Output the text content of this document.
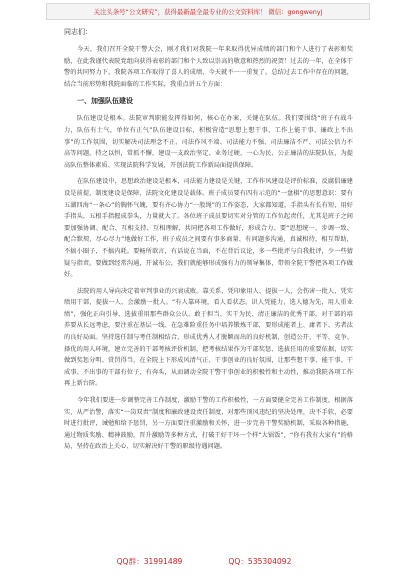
关注头条号“公文研究”，获得最新最全最专业的公文资料库！ 微信：gongwenyj

同志们：

今天，我们召开全院干警大会，刚才我们对我院一年来取得优异成绩的部门和个人进行了表彰和奖励，在此我谨代表院党组向获得表彰的部门和个人致以崇高的敬意和热烈的祝贺！过去的一年，在全体干警的共同努力下，我院各项工作取得了喜人的成绩，今天就不一一重复了。总结过去工作中存在的问题，结合当前形势和我院面临的工作实际，我重点讲五个方面：

一、加强队伍建设

队伍建设是根本。法院审判职能发挥得如何，核心在办案，关键在队伍。我们要围绕“班子有战斗力，队伍有士气，单位有正气”队伍建设目标，积极营造“思想上想干事、工作上能干事、廉政上不出事”的工作氛围，切实解决司法理念不正、司法作风不端、司法能力不强、司法廉洁不严、司法公信力不高等问题。持之以恒，常抓不懈，建设一支政治坚定、业务过硬、一心为民、公正廉洁的法院队伍，为提高队伍整体素质、实现法院科学发展，开创法院工作新局面提供保障。

在队伍建设中，思想政治建设是根本，司法能力建设是关键，工作作风建设是评价标准，反腐倡廉建设是前提，制度建设是保障，法院文化建设是载体。班子成员要有四有示范的“一盘棋”的思想意识：要有五湖四海“一条心”的胸怀气魄，要有齐心协力“一股绳”的工作姿态，大家都知道，手指头有长有短，用好手指头，五根手指握成拳头，力量就大了。各位班子成员要切实对分管的工作负起责任，尤其是班子之间要加强协调、配合、互相支持、互相理解，共同把各项工作做好，形成合力。要“思想统一、步调一致、配合默契、尽心尽力”地做好工作，班子成员之间要有事多商量、有问题多沟通，真诚相待，相互帮助，不搞小圈子，不搞内耗。要畅所欲言，有话说在当面，不在背后议论，多一些批评与自我批评，少一些猜疑与指责。要做到经常沟通，开诚布公，我们就能够形成强有力的领导集体，带领全院干警把各项工作做好。

法院的用人导向决定着审判事业的兴衰成败。靠关系、凭印象用人、提拔一人，会伤害一批人，凭实绩用干部，提拔一人，会激励一批人。“有人靠环境，看人看状态。识人凭能力，选人德为先，用人重业绩”，强化正向引导，选拔重用那些群众公认、敢于担当、实干为民、清正廉洁的优秀干部，对干部的培养要从长远考虑，要注重在基层一线、在急难险重任务中培养锻炼干部，要形成能者上、庸者下、劣者汰的良好局面。坚持选任制与考任制相结合，形成优秀人才脱颖而出的良好机制，创造公开、平等、竞争、择优的用人环境，建立完善的干部考核评价机制，把考核结果作为干部奖惩、选拔任用的重要依据，切实做到奖惩分明、赏罚得当，在全院上下形成风清气正、干事创业的良好氛围，让那些想干事、能干事、干成事、不出事的干部有位子、有奔头，从而调动全院干警干事创业的积极性和主动性，推动我院各项工作再上新台阶。

今年我们要进一步调整完善工作制度，激励干警的工作积极性，一方面要健全完善工作制度，根据落实，从严治警，落实“一岗双责”制度和廉政建设责任制度，对那些顶风违纪的坚决处理，决不手软，必要时进行批评，诫勉和给予惩罚，另一方面要注重激励和关怀，进一步完善干警奖励机制，采取各种措施，通过物质奖励、精神鼓励，晋升激励等多种方式，打破干好干坏一个样“大锅饭”，“你有我有大家有”的格局，坚持在政治上关心、切实解决好干警的职级待遇问题。

QQ群：31991489	QQ：535304092
